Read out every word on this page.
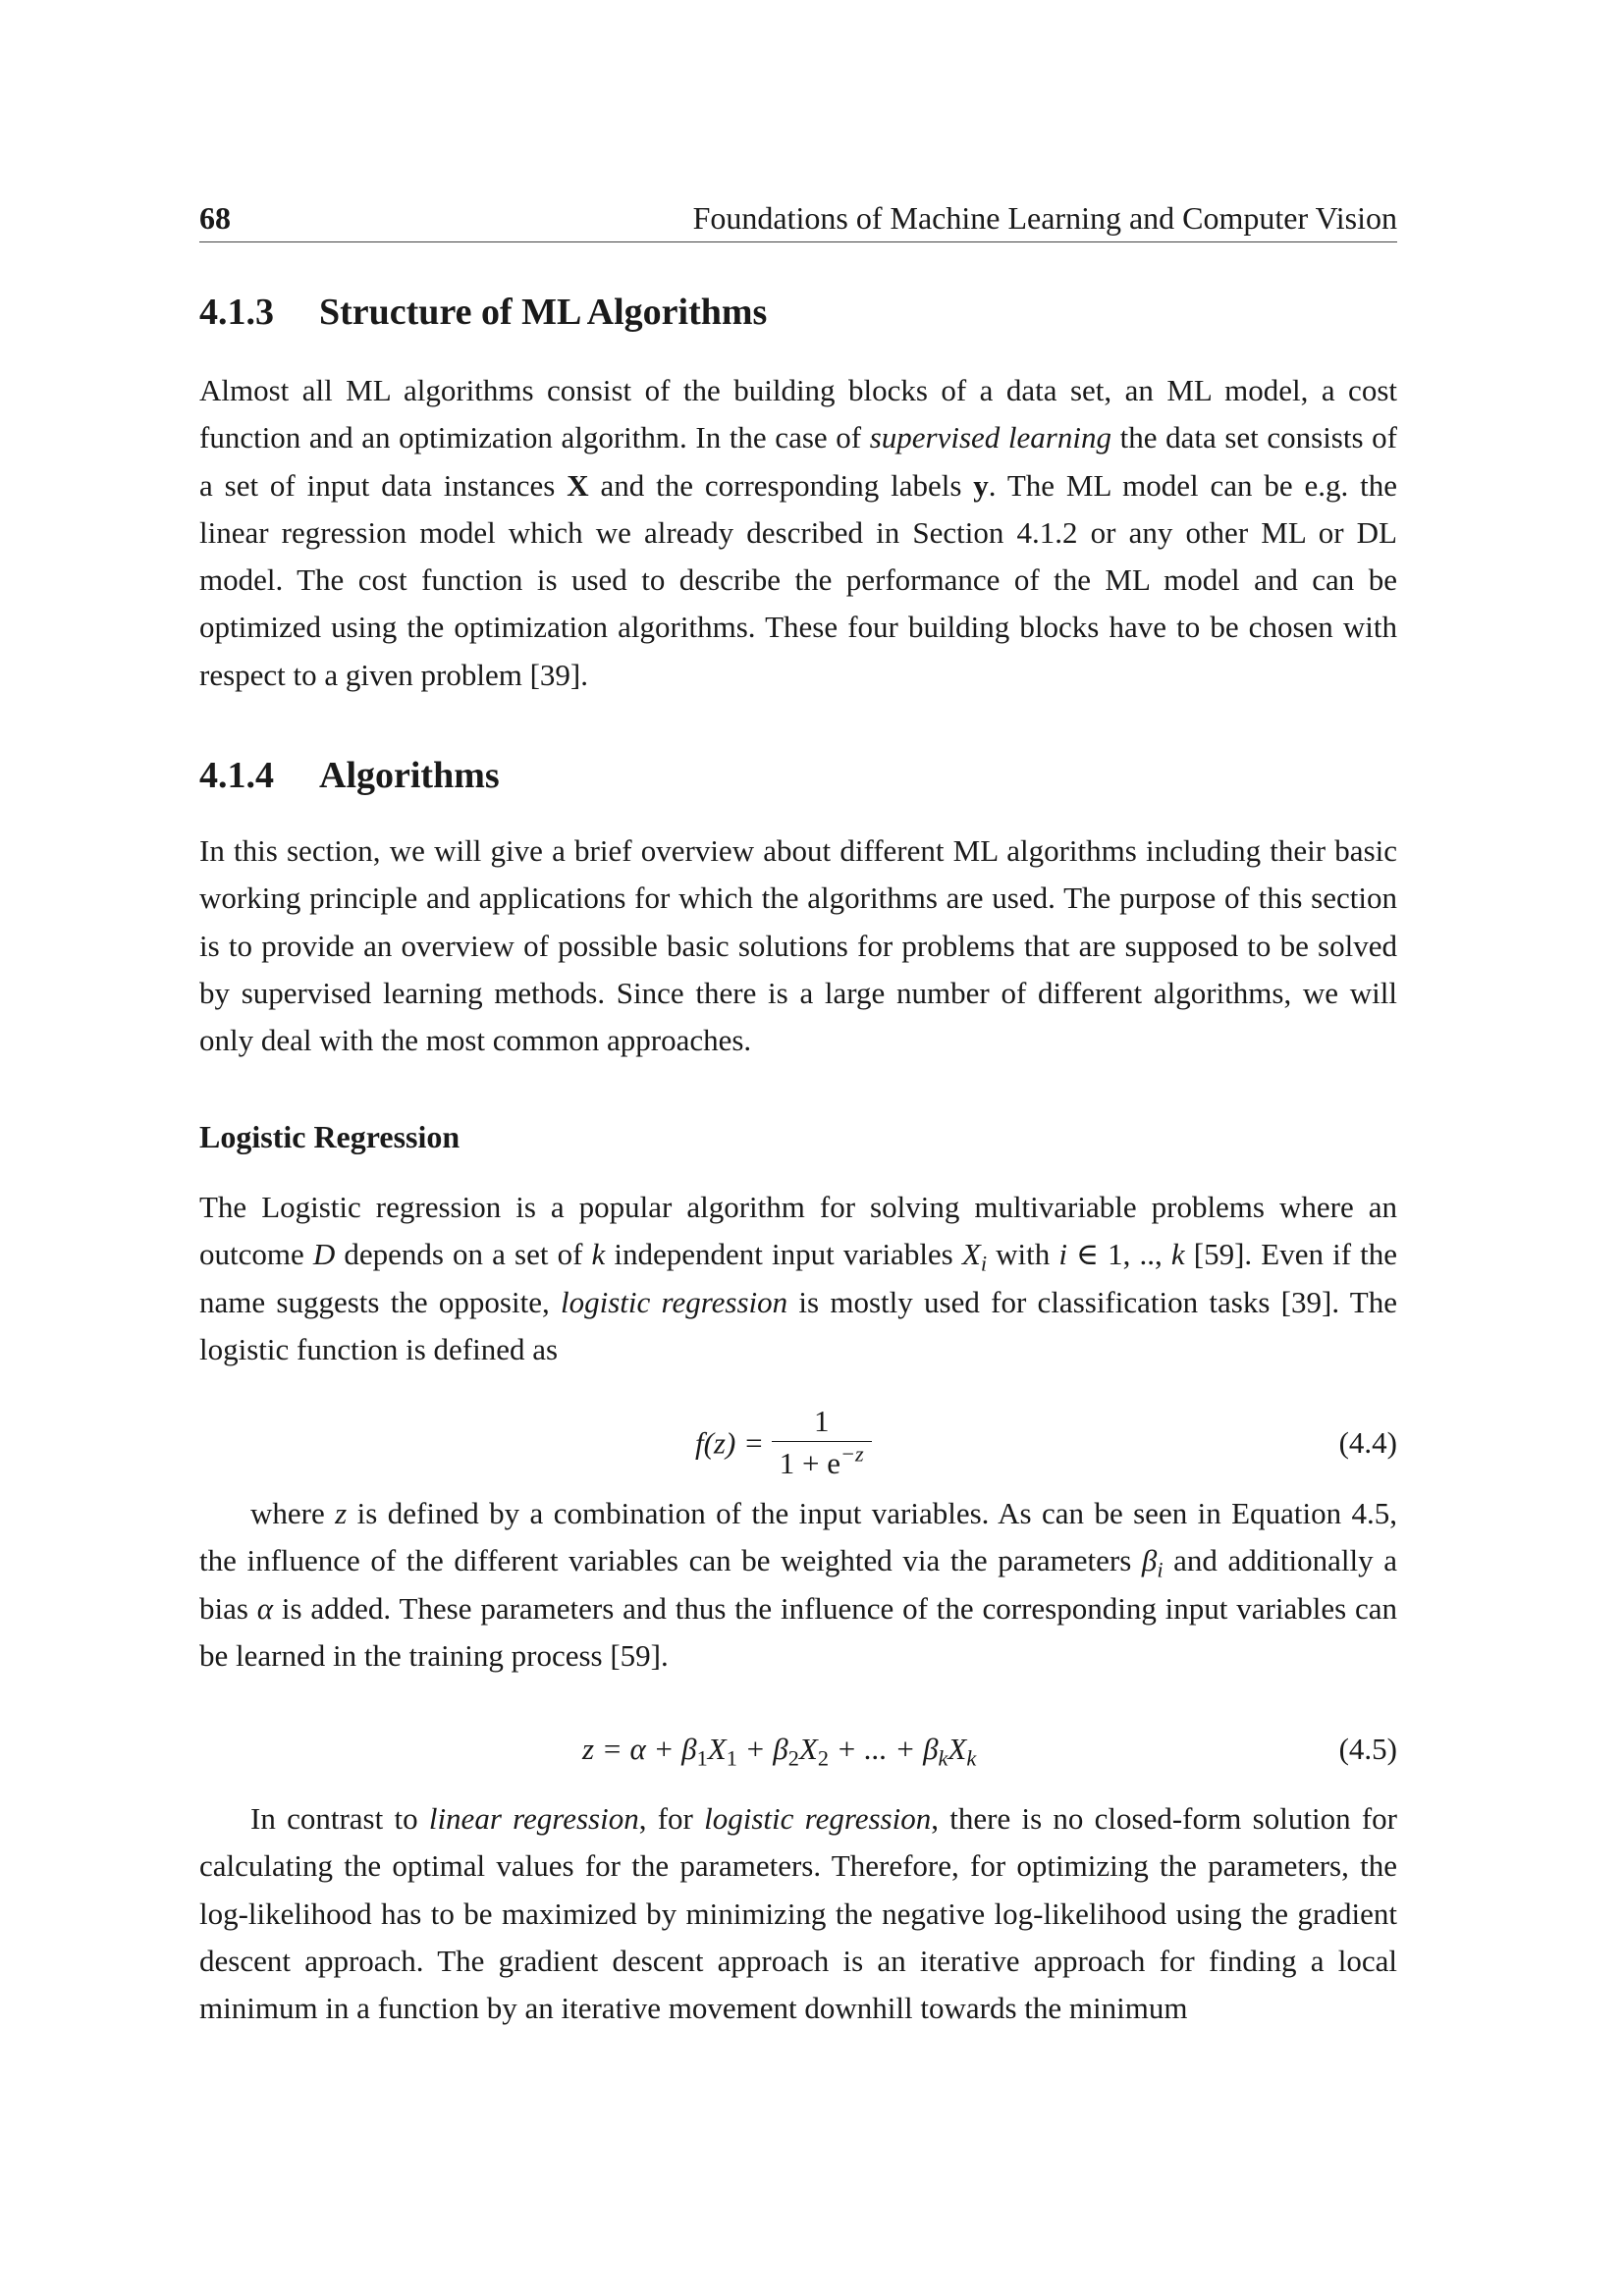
68	Foundations of Machine Learning and Computer Vision
4.1.3 Structure of ML Algorithms

Almost all ML algorithms consist of the building blocks of a data set, an ML model, a cost function and an optimization algorithm. In the case of supervised learning the data set consists of a set of input data instances X and the corresponding labels y. The ML model can be e.g. the linear regression model which we already described in Section 4.1.2 or any other ML or DL model. The cost function is used to describe the performance of the ML model and can be optimized using the optimization algorithms. These four building blocks have to be chosen with respect to a given problem [39].

4.1.4 Algorithms

In this section, we will give a brief overview about different ML algorithms including their basic working principle and applications for which the algorithms are used. The purpose of this section is to provide an overview of possible basic solutions for problems that are supposed to be solved by supervised learning methods. Since there is a large number of different algorithms, we will only deal with the most common approaches.

Logistic Regression

The Logistic regression is a popular algorithm for solving multivariable problems where an outcome D depends on a set of k independent input variables $X_i$ with i ∈ 1, .., k [59]. Even if the name suggests the opposite, logistic regression is mostly used for classification tasks [39]. The logistic function is defined as

$f(z) = \frac{1}{1 + e^{-z}}$	(4.4)

where z is defined by a combination of the input variables. As can be seen in Equation 4.5, the influence of the different variables can be weighted via the parameters $\beta_i$ and additionally a bias α is added. These parameters and thus the influence of the corresponding input variables can be learned in the training process [59].

$z = \alpha + \beta_1X_1 + \beta_2X_2$ + ... + $\beta_kX_k$	(4.5)

In contrast to linear regression, for logistic regression, there is no closed-form solution for calculating the optimal values for the parameters. Therefore, for optimizing the parameters, the log-likelihood has to be maximized by minimizing the negative log-likelihood using the gradient descent approach. The gradient descent approach is an iterative approach for finding a local minimum in a function by an iterative movement downhill towards the minimum
